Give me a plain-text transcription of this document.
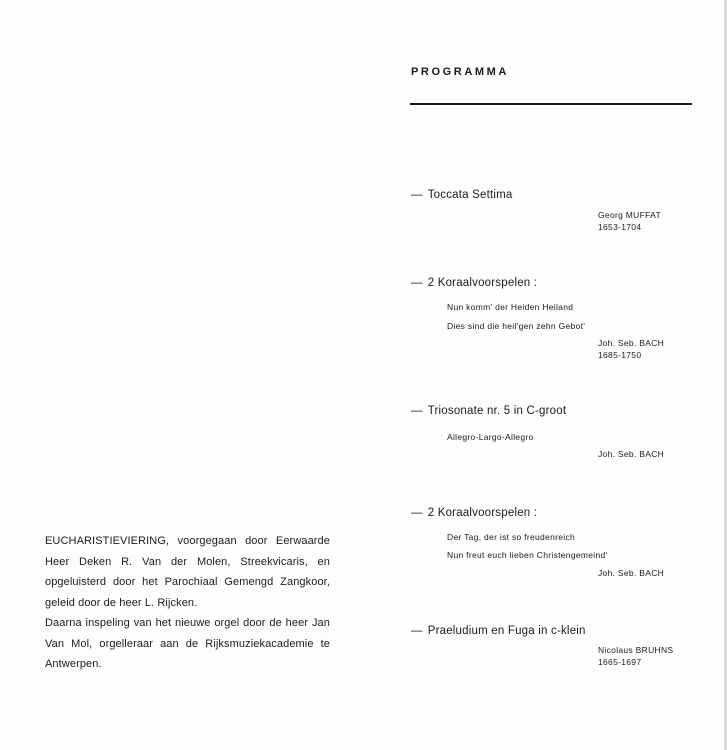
PROGRAMMA
— Toccata Settima
Georg MUFFAT
1653-1704
— 2 Koraalvoorspelen :
Nun komm' der Heiden Heiland
Dies sind die heil'gen zehn Gebot'
Joh. Seb. BACH
1685-1750
— Triosonate nr. 5 in C-groot
Allegro-Largo-Allegro
Joh. Seb. BACH
— 2 Koraalvoorspelen :
Der Tag, der ist so freudenreich
Nun freut euch lieben Christengemeind'
Joh. Seb. BACH
— Praeludium en Fuga in c-klein
Nicolaus BRUHNS
1665-1697
EUCHARISTIEVIERING, voorgegaan door Eerwaarde Heer Deken R. Van der Molen, Streekvicaris, en opgeluisterd door het Parochiaal Gemengd Zangkoor, geleid door de heer L. Rijcken.
Daarna inspeling van het nieuwe orgel door de heer Jan Van Mol, orgelleraar aan de Rijksmuziekacademie te Antwerpen.
